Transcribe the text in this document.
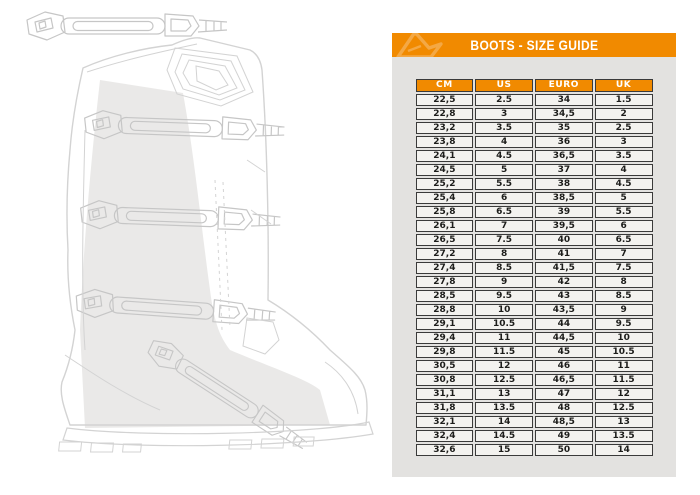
BOOTS - SIZE GUIDE
CM	US	EURO	UK
22,5	2.5	34	1.5
22,8	3	34,5	2
23,2	3.5	35	2.5
23,8	4	36	3
24,1	4.5	36,5	3.5
24,5	5	37	4
25,2	5.5	38	4.5
25,4	6	38,5	5
25,8	6.5	39	5.5
26,1	7	39,5	6
26,5	7.5	40	6.5
27,2	8	41	7
27,4	8.5	41,5	7.5
27,8	9	42	8
28,5	9.5	43	8.5
28,8	10	43,5	9
29,1	10.5	44	9.5
29,4	11	44,5	10
29,8	11.5	45	10.5
30,5	12	46	11
30,8	12.5	46,5	11.5
31,1	13	47	12
31,8	13.5	48	12.5
32,1	14	48,5	13
32,4	14.5	49	13.5
32,6	15	50	14
